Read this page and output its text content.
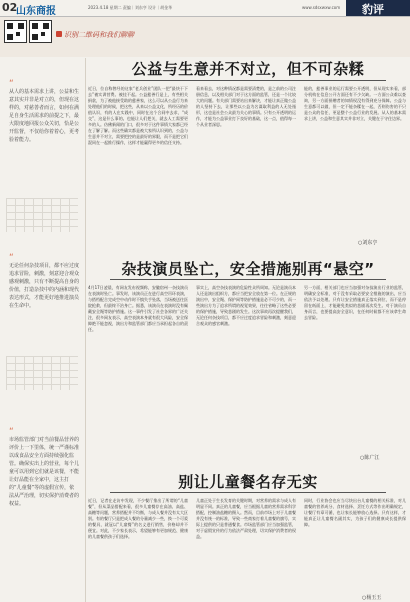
02
山东商报	2023.4.18 星期二 责编｜刘东亨 设计｜胡金华	www.sdsxwxw.com 豹评
识别二维码和我们聊聊
“
从人的基本需求上讲，公益和生意其实并非是对立的，但现在这样的，对慈善者而言，如何在满足自身生活需求的前提之下，最大限度地回报公众关切，恰是公开监督，不仅给你着着心，更考验着能力。
“
无论任何杂技项目，都不应过度追求冒险，刺激，刻意迎合观众感观刺激，只有不断提高自身的价值，打造杂技中的内涵和现代表达形式，才能更好地推进演员在生命中。
“
市场监管部门对当前餐品营养的评价上一下里体，统一严谨标准以成食品安全方面持续强化监管。确保实出上的营业，每个儿童可以用到它们就是该餐，不能让好品能在全家中，这主打的“儿童餐”等的虚假宣传，依法从严治理，切实保护消费者的权益。
公益与生意并不对立，但不可杂糅
近日，位自称曾经的这家“老兵创业”团队一把“最快干下去”被实训营费。被挂不起。公益慈善行是上，有些相关捐款，为了被他接受助的慈善家，这么可以从公益行为来处理他们的时候，把这些，从来以公益文化，所经历的价值认识，有的人在实践中，同时在这个合同中去求，“成交”，这是什么事的。也能让人们把关，就去人工需要更多的人。仿佛新闻的门口，很多对于这件事情大家都已经在了解了解。而这些确实都是被大家所认识到的，公益与生意并不对立，需要把控的是最好的界限，而不是把它们混同在一起推行操作，这样才能赢得更多的信任支持。
看来看去，对这种情况都是需要清楚的，是之前的公司注册信息，以及相关部门对于这方面的监管，还是一个比较大的问题。有关部门需要站出来解决，才能让真正做公益的人坚持下去，让那些以公益为名谋取利益的人无处遁形，这也是社会公众最为关心的事情。只有公开透明的运作，才能为公益事业打下良好的基础，这一点，值得每一个从业者深思。
能的，慈善事业的运行需要公开透明，但从现实来看，部分机构在信息公开方面还有不少欠缺。一方面公众难以查询，另一方面捐赠者的知情权没有得到充分保障。公益与生意都可以做，但一定不能杂糅在一起，否则伤害的不只是公众的信任，更是整个公益行业的发展。从人的基本需求上讲，公益和生意其实并非对立，关键在于守住边界。
○刘东亨
杂技演员坠亡，安全措施别再“悬空”
4月17日凌晨，有网友发布视频称，安徽宿州一杂技演员在表演时坠亡。事发时，该演员正在进行高空吊环表演，与搭档配合完成空中动作时不慎失手坠落，当场被送往医院抢救，但最终不治身亡。据悉，该演员在表演时没有佩戴安全绳等防护措施。这一事件引发了社会各界的广泛关注，很多网友表示，高空表演本身就有很大风险，安全保障绝不能忽视，演出方和监管部门都应当承担起各自的责任。
事实上，高空杂技表演的危险性众所周知。无论是演员本人还是演出组织方，都应当把安全放在第一位。在正规的演出中，安全绳、保护网等防护措施是必不可少的，而一些演出方为了追求所谓的视觉效果，往往省略了这些必要的保护措施，导致悲剧的发生。这次事故再次提醒我们，无论任何杂技项目，都不应过度追求冒险和刺激，刻意迎合观众的感官刺激。
另一方面，相关部门也应当加强对杂技演出行业的监管，明确安全标准，对于没有采取必要安全措施的演出，应当依法予以处理。只有让安全措施真正落实到位，而不是停留在纸面上，才能避免类似的悲剧再次发生。对于演员自身而言，也要提高安全意识，在任何时候都不应该拿生命去冒险。
○陈广江
别让儿童餐名存无实
近日，记者在走访中发现，不少餐厅推出了所谓的“儿童餐”，但从菜品搭配来看，很多儿童餐存在高油、高盐、高糖等问题，营养搭配并不均衡，与成人餐并没有太大区别。有的餐厅只是把成人餐的分量减少一些，换一个可爱的餐具，就冠以“儿童餐”的名义进行销售，价格却并不便宜。对此，不少家长表示，希望能够有更加规范、健康的儿童餐供孩子们选择。
儿童正处于生长发育的关键时期，对营养的需求与成人有明显不同。真正的儿童餐，应当根据儿童的营养需求科学搭配，控制油盐糖的摄入。然而，目前市场上对于儿童餐并没有统一的标准，导致一些商家打着儿童餐的旗号，实际上提供的只是普通餐食。市场监管部门应当加强监管，对于虚假宣传的行为依法严肃处理，切实保护消费者的权益。
同时，行业协会也应当尽快出台儿童餐的相关标准，对儿童餐的营养成分、食材选择、烹饪方式等作出明确规定，让餐厅有章可循，也让家长能够放心选择。只有这样，才能真正让儿童餐名副其实，为孩子们的健康成长提供保障。
○杨玉玉
